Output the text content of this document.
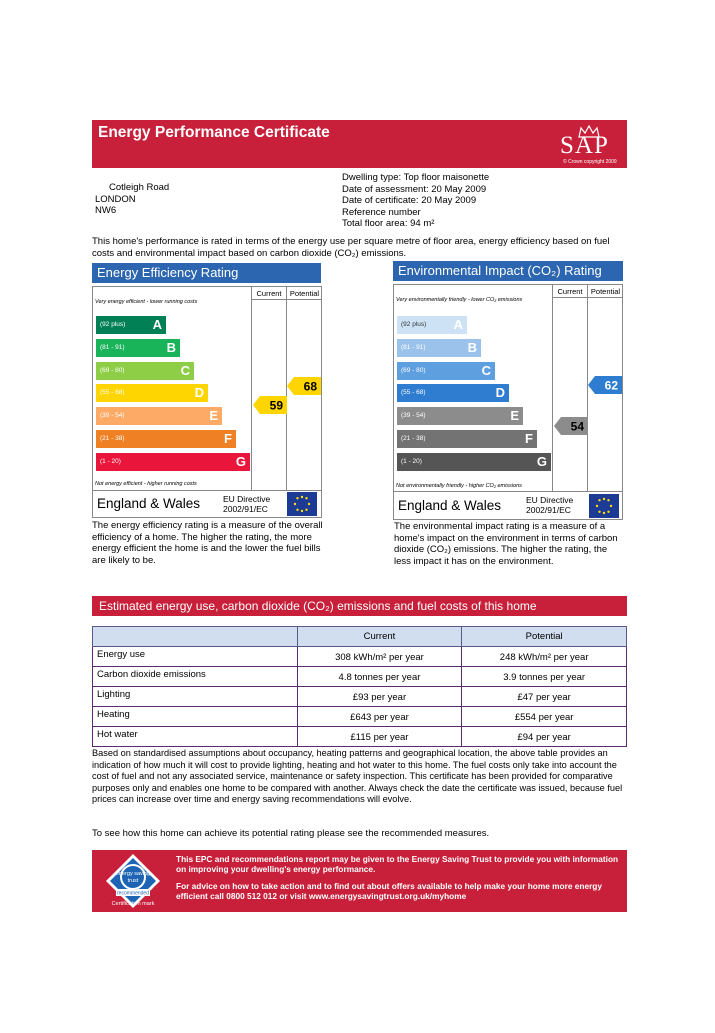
Energy Performance Certificate	SAP
© Crown copyright 2009
Cotleigh Road
LONDON
NW6
Dwelling type: Top floor maisonette
Date of assessment: 20 May 2009
Date of certificate: 20 May 2009
Reference number
Total floor area: 94 m²
This home's performance is rated in terms of the energy use per square metre of floor area, energy efficiency based on fuel costs and environmental impact based on carbon dioxide (CO₂) emissions.
Energy Efficiency Rating
Current	Potential
Very energy efficient - lower running costs
(92 plus) A
(81 - 91)	B
(69 - 80)	C
(55 - 68)	D
(39 - 54)	E
(21 - 38)	F
(1 - 20)	G
Not energy efficient - higher running costs
England & Wales	EU Directive
2002/91/EC
59
68
The energy efficiency rating is a measure of the overall efficiency of a home. The higher the rating, the more energy efficient the home is and the lower the fuel bills are likely to be.
Environmental Impact (CO₂) Rating
Current	Potential
Very environmentally friendly - lower CO₂ emissions
(92 plus) A
(81 - 91)	B
(69 - 80)	C
(55 - 68)	D
(39 - 54)	E
(21 - 38)	F
(1 - 20)	G
Not environmentally friendly - higher CO₂ emissions
England & Wales	EU Directive
2002/91/EC
54
62
The environmental impact rating is a measure of a home's impact on the environment in terms of carbon dioxide (CO₂) emissions. The higher the rating, the less impact it has on the environment.
Estimated energy use, carbon dioxide (CO₂) emissions and fuel costs of this home
	Current	Potential
Energy use	308 kWh/m² per year	248 kWh/m² per year
Carbon dioxide emissions	4.8 tonnes per year	3.9 tonnes per year
Lighting	£93 per year	£47 per year
Heating	£643 per year	£554 per year
Hot water	£115 per year	£94 per year
Based on standardised assumptions about occupancy, heating patterns and geographical location, the above table provides an indication of how much it will cost to provide lighting, heating and hot water to this home. The fuel costs only take into account the cost of fuel and not any associated service, maintenance or safety inspection. This certificate has been provided for comparative purposes only and enables one home to be compared with another. Always check the date the certificate was issued, because fuel prices can increase over time and energy saving recommendations will evolve.
To see how this home can achieve its potential rating please see the recommended measures.
energy saving
trust
recommended
Certification mark
This EPC and recommendations report may be given to the Energy Saving Trust to provide you with information on improving your dwelling's energy performance.
For advice on how to take action and to find out about offers available to help make your home more energy efficient call 0800 512 012 or visit www.energysavingtrust.org.uk/myhome
